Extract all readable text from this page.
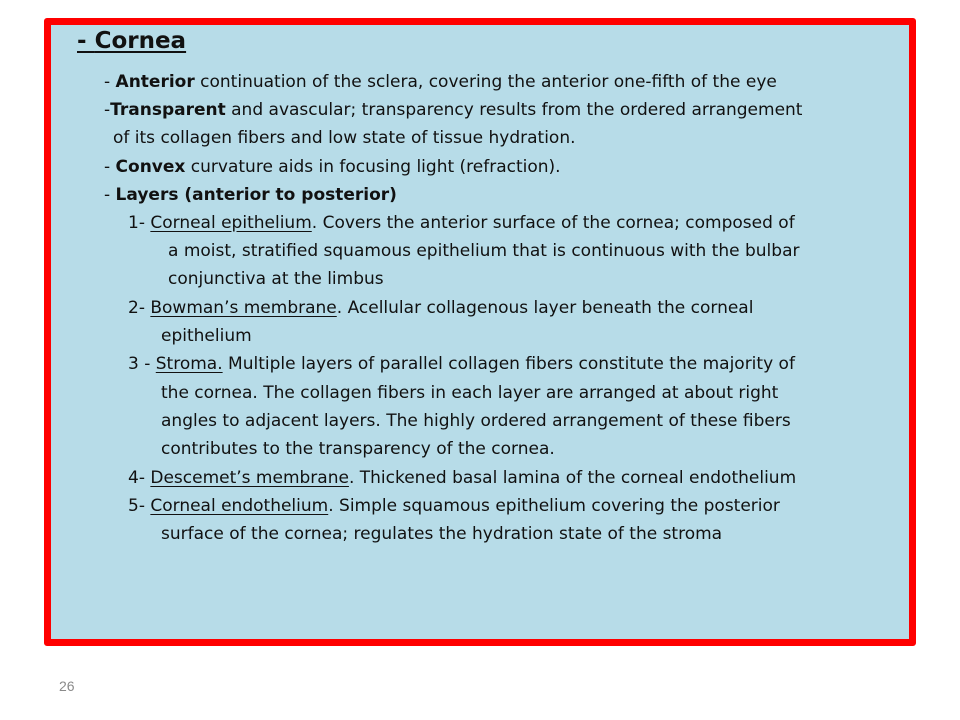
- Cornea
- Anterior continuation of the sclera, covering the anterior one-fifth of the eye
-Transparent and avascular; transparency results from the ordered arrangement
of its collagen fibers and low state of tissue hydration.
- Convex curvature aids in focusing light (refraction).
- Layers (anterior to posterior)
1- Corneal epithelium. Covers the anterior surface of the cornea; composed of
a moist, stratified squamous epithelium that is continuous with the bulbar
conjunctiva at the limbus
2- Bowman’s membrane. Acellular collagenous layer beneath the corneal
epithelium
3 - Stroma. Multiple layers of parallel collagen fibers constitute the majority of
the cornea. The collagen fibers in each layer are arranged at about right
angles to adjacent layers. The highly ordered arrangement of these fibers
contributes to the transparency of the cornea.
4- Descemet’s membrane. Thickened basal lamina of the corneal endothelium
5- Corneal endothelium. Simple squamous epithelium covering the posterior
surface of the cornea; regulates the hydration state of the stroma
26
